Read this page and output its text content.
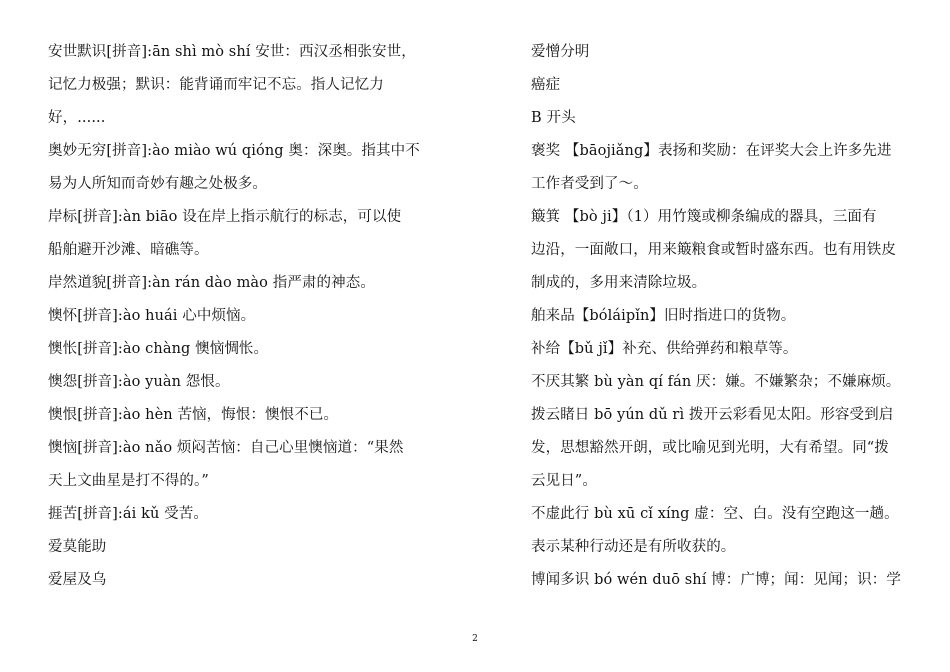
安世默识[拼音]:ān shì mò shí 安世：西汉丞相张安世，
记忆力极强；默识：能背诵而牢记不忘。指人记忆力
好，......
奥妙无穷[拼音]:ào miào wú qióng 奥：深奥。指其中不
易为人所知而奇妙有趣之处极多。
岸标[拼音]:àn biāo 设在岸上指示航行的标志，可以使
船舶避开沙滩、暗礁等。
岸然道貌[拼音]:àn rán dào mào 指严肃的神态。
懊怀[拼音]:ào huái 心中烦恼。
懊怅[拼音]:ào chàng 懊恼惆怅。
懊怨[拼音]:ào yuàn 怨恨。
懊恨[拼音]:ào hèn 苦恼，悔恨：懊恨不已。
懊恼[拼音]:ào nǎo 烦闷苦恼：自己心里懊恼道：“果然
天上文曲星是打不得的。”
捱苦[拼音]:ái kǔ 受苦。
爱莫能助
爱屋及乌
爱憎分明
癌症
B 开头
褒奖 【bāojiǎng】表扬和奖励：在评奖大会上许多先进
工作者受到了～。
簸箕 【bò ji】（1）用竹篾或柳条编成的器具，三面有
边沿，一面敞口，用来簸粮食或暂时盛东西。也有用铁皮
制成的，多用来清除垃圾。
舶来品【bóláipǐn】旧时指进口的货物。
补给【bǔ jǐ】补充、供给弹药和粮草等。
不厌其繁 bù yàn qí fán 厌：嫌。不嫌繁杂；不嫌麻烦。
拨云睹日 bō yún dǔ rì 拨开云彩看见太阳。形容受到启
发，思想豁然开朗，或比喻见到光明，大有希望。同“拨
云见日”。
不虚此行 bù xū cǐ xíng 虚：空、白。没有空跑这一趟。
表示某种行动还是有所收获的。
博闻多识 bó wén duō shí 博：广博；闻：见闻；识：学
2
